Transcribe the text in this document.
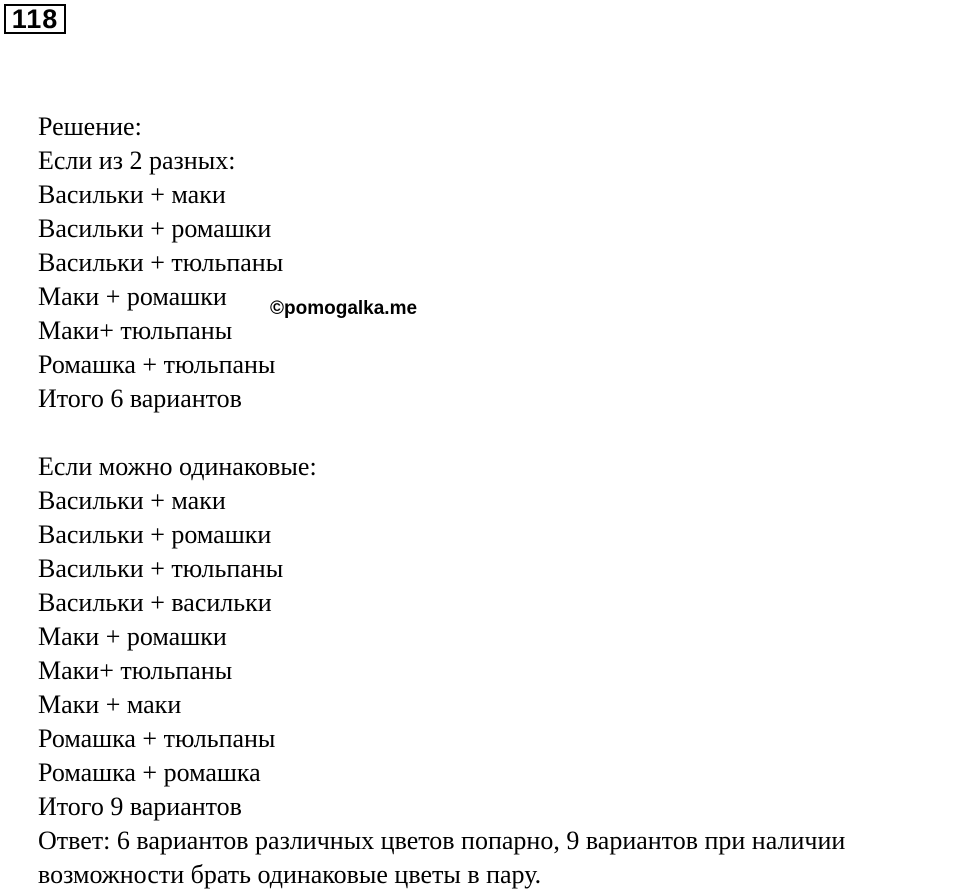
118
©pomogalka.me
Решение:
Если из 2 разных:
Васильки + маки
Васильки + ромашки
Васильки + тюльпаны
Маки + ромашки
Маки+ тюльпаны
Ромашка + тюльпаны
Итого 6 вариантов
Если можно одинаковые:
Васильки + маки
Васильки + ромашки
Васильки + тюльпаны
Васильки + васильки
Маки + ромашки
Маки+ тюльпаны
Маки + маки
Ромашка + тюльпаны
Ромашка + ромашка
Итого 9 вариантов
Ответ: 6 вариантов различных цветов попарно, 9 вариантов при наличии возможности брать одинаковые цветы в пару.
